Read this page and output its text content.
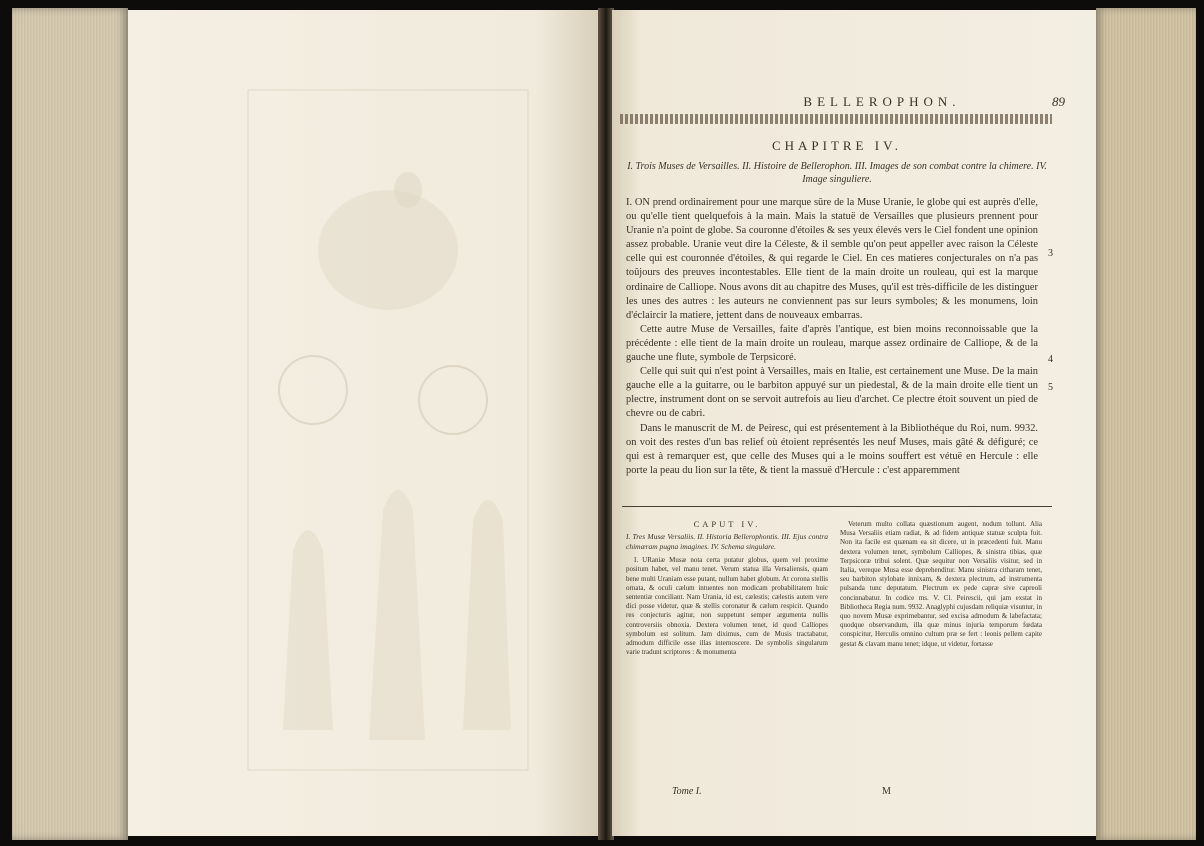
BELLEROPHON.	89
CHAPITRE IV.
I. Trois Muses de Versailles. II. Histoire de Bellerophon. III. Images de son combat contre la chimere. IV. Image singuliere.

I. ON prend ordinairement pour une marque sûre de la Muse Uranie, le globe qui est auprès d'elle, ou qu'elle tient quelquefois à la main. Mais la statuë de Versailles que plusieurs prennent pour Uranie n'a point de globe. Sa couronne d'étoiles & ses yeux élevés vers le Ciel fondent une opinion assez probable. Uranie veut dire la Céleste, & il semble qu'on peut appeller avec raison la Céleste celle qui est couronnée d'étoiles, & qui regarde le Ciel. En ces matieres conjecturales on n'a pas toûjours des preuves incontestables. Elle tient de la main droite un rouleau, qui est la marque ordinaire de Calliope. Nous avons dit au chapitre des Muses, qu'il est très-difficile de les distinguer les unes des autres : les auteurs ne conviennent pas sur leurs symboles; & les monumens, loin d'éclaircir la matiere, jettent dans de nouveaux embarras.

Cette autre Muse de Versailles, faite d'après l'antique, est bien moins reconnoissable que la précédente : elle tient de la main droite un rouleau, marque assez ordinaire de Calliope, & de la gauche une flute, symbole de Terpsicoré.

Celle qui suit qui n'est point à Versailles, mais en Italie, est certainement une Muse. De la main gauche elle a la guitarre, ou le barbiton appuyé sur un piedestal, & de la main droite elle tient un plectre, instrument dont on se servoit autrefois au lieu d'archet. Ce plectre étoit souvent un pied de chevre ou de cabri.

Dans le manuscrit de M. de Peiresc, qui est présentement à la Bibliothéque du Roi, num. 9932. on voit des restes d'un bas relief où étoient représentés les neuf Muses, mais gâté & défiguré; ce qui est à remarquer est, que celle des Muses qui a le moins souffert est vétuë en Hercule : elle porte la peau du lion sur la tête, & tient la massuë d'Hercule : c'est apparemment

3
4
5
CAPUT IV.
I. Tres Musæ Versaliis. II. Historia Bellerophontis. III. Ejus contra chimæram pugna imagines. IV. Schema singulare.

I. URaniæ Musæ nota certa putatur globus, quem vel proxime positum habet, vel manu tenet. Verum statua illa Versaliensis, quam bene multi Uraniam esse putant, nullum habet globum. At corona stellis ornata, & oculi cælum intuentes non modicam probabilitatem huic sententiæ conciliant. Nam Urania, id est, cælestis; cælestis autem vere dici posse videtur, quæ & stellis coronatur & cælum respicit. Quando res conjecturis agitur, non suppetunt semper argumenta nullis controversiis obnoxia. Dextera volumen tenet, id quod Calliopes symbolum est solitum. Jam diximus, cum de Musis tractabatur, admodum difficile esse illas internoscere. De symbolis singularum varie tradunt scriptores : & monumenta

Veterum multo collata quæstionum augent, nodum tollunt. Alia Musa Versaliis etiam radiat, & ad fidem antiquæ statuæ sculpta fuit. Non ita facile est quænam ea sit dicere, ut in præcedenti fuit. Manu dextera volumen tenet, symbolum Calliopes, & sinistra tibias, quæ Terpsicoræ tribui solent. Quæ sequitur non Versaliis visitur, sed in Italia, vereque Musa esse deprehenditur. Manu sinistra citharam tenet, seu barbiton stylobate innixam, & dextera plectrum, ad instrumenta pulsanda tunc deputatum. Plectrum ex pede capræ sive capreoli concinnabatur. In codice ms. V. Cl. Peirescii, qui jam exstat in Bibliotheca Regia num. 9932. Anaglyphi cujusdam reliquiæ visuntur, in quo novem Musæ exprimebantur, sed excisa admodum & labefactata; quodque observandum, illa quæ minus injuria temporum fœdata conspicitur, Herculis omnino cultum præ se fert : leonis pellem capite gestat & clavam manu tenet; idque, ut videtur, fortasse

Tome I.	M
